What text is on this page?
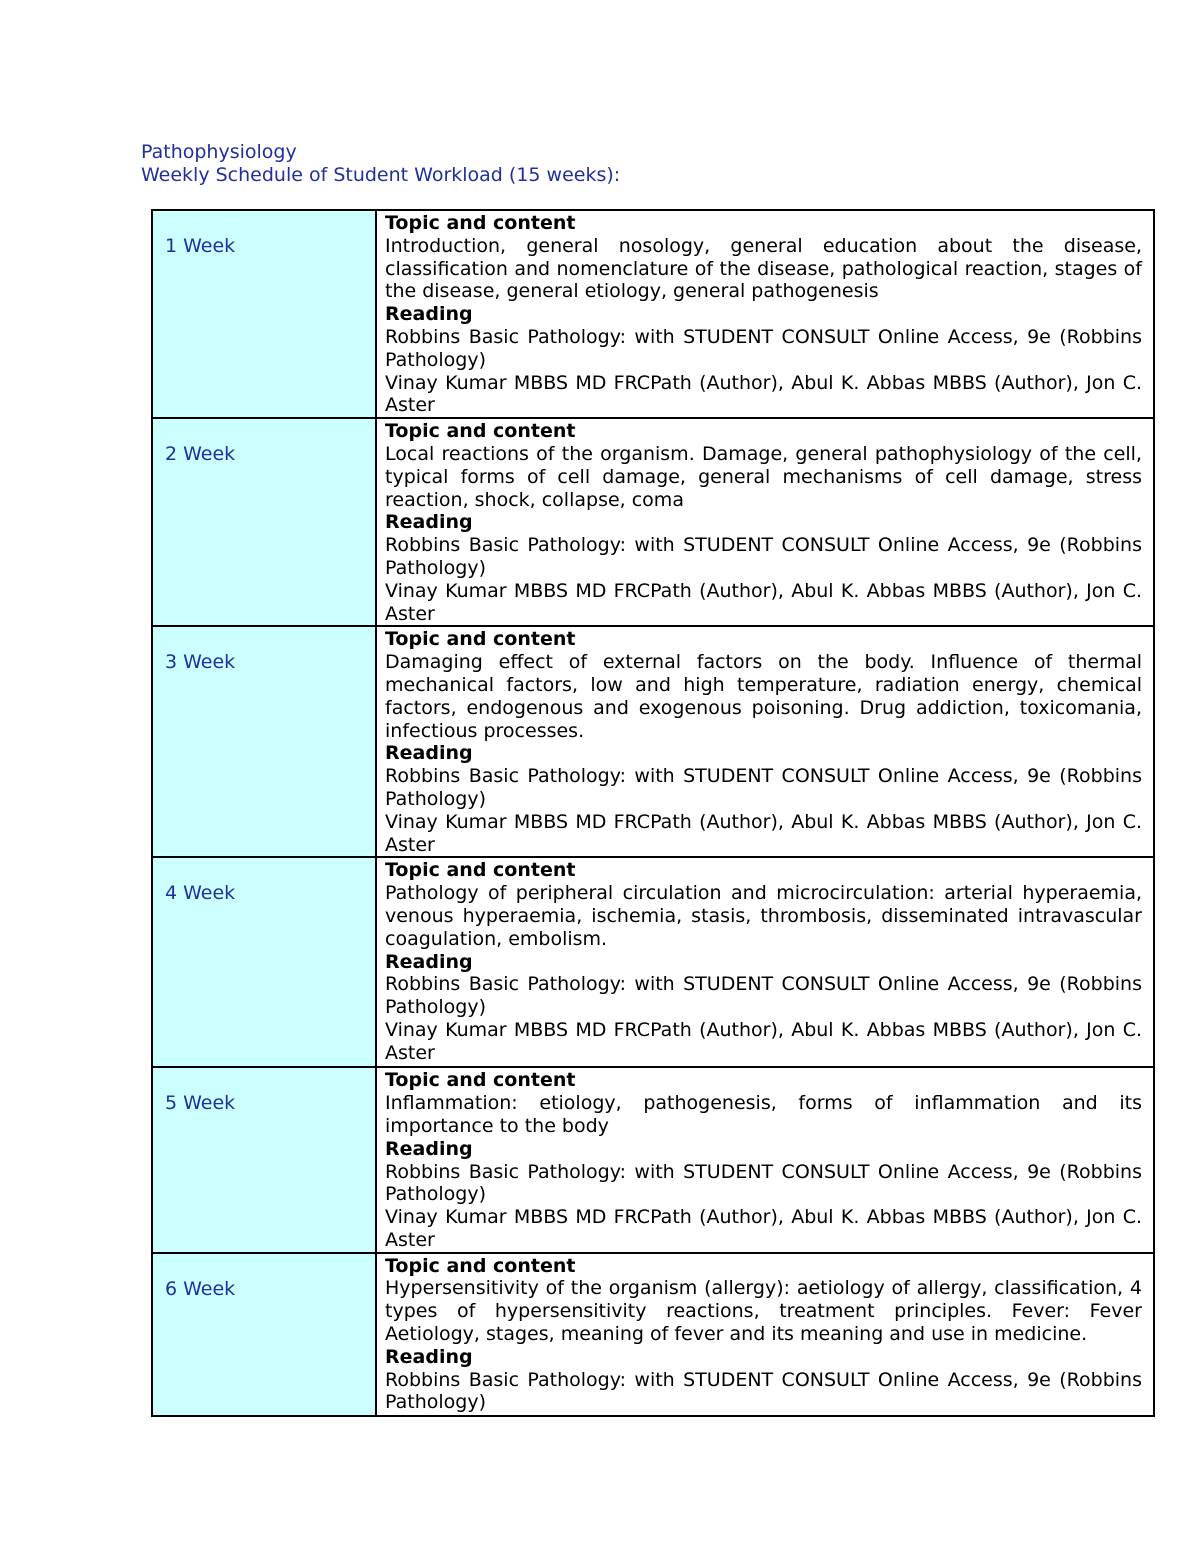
Pathophysiology
Weekly Schedule of Student Workload (15 weeks):
1 Week	Topic and content
Introduction, general nosology, general education about the disease, classification and nomenclature of the disease, pathological reaction, stages of the disease, general etiology, general pathogenesis
Reading
Robbins Basic Pathology: with STUDENT CONSULT Online Access, 9e (Robbins Pathology)
Vinay Kumar MBBS MD FRCPath (Author), Abul K. Abbas MBBS (Author), Jon C. Aster

2 Week	Topic and content
Local reactions of the organism. Damage, general pathophysiology of the cell, typical forms of cell damage, general mechanisms of cell damage, stress reaction, shock, collapse, coma
Reading
Robbins Basic Pathology: with STUDENT CONSULT Online Access, 9e (Robbins Pathology)
Vinay Kumar MBBS MD FRCPath (Author), Abul K. Abbas MBBS (Author), Jon C. Aster

3 Week	Topic and content
Damaging effect of external factors on the body. Influence of thermal mechanical factors, low and high temperature, radiation energy, chemical factors, endogenous and exogenous poisoning. Drug addiction, toxicomania, infectious processes.
Reading
Robbins Basic Pathology: with STUDENT CONSULT Online Access, 9e (Robbins Pathology)
Vinay Kumar MBBS MD FRCPath (Author), Abul K. Abbas MBBS (Author), Jon C. Aster

4 Week	Topic and content
Pathology of peripheral circulation and microcirculation: arterial hyperaemia, venous hyperaemia, ischemia, stasis, thrombosis, disseminated intravascular coagulation, embolism.
Reading
Robbins Basic Pathology: with STUDENT CONSULT Online Access, 9e (Robbins Pathology)
Vinay Kumar MBBS MD FRCPath (Author), Abul K. Abbas MBBS (Author), Jon C. Aster

5 Week	Topic and content
Inflammation: etiology, pathogenesis, forms of inflammation and its importance to the body
Reading
Robbins Basic Pathology: with STUDENT CONSULT Online Access, 9e (Robbins Pathology)
Vinay Kumar MBBS MD FRCPath (Author), Abul K. Abbas MBBS (Author), Jon C. Aster

6 Week	Topic and content
Hypersensitivity of the organism (allergy): aetiology of allergy, classification, 4 types of hypersensitivity reactions, treatment principles. Fever: Fever Aetiology, stages, meaning of fever and its meaning and use in medicine.
Reading
Robbins Basic Pathology: with STUDENT CONSULT Online Access, 9e (Robbins Pathology)
